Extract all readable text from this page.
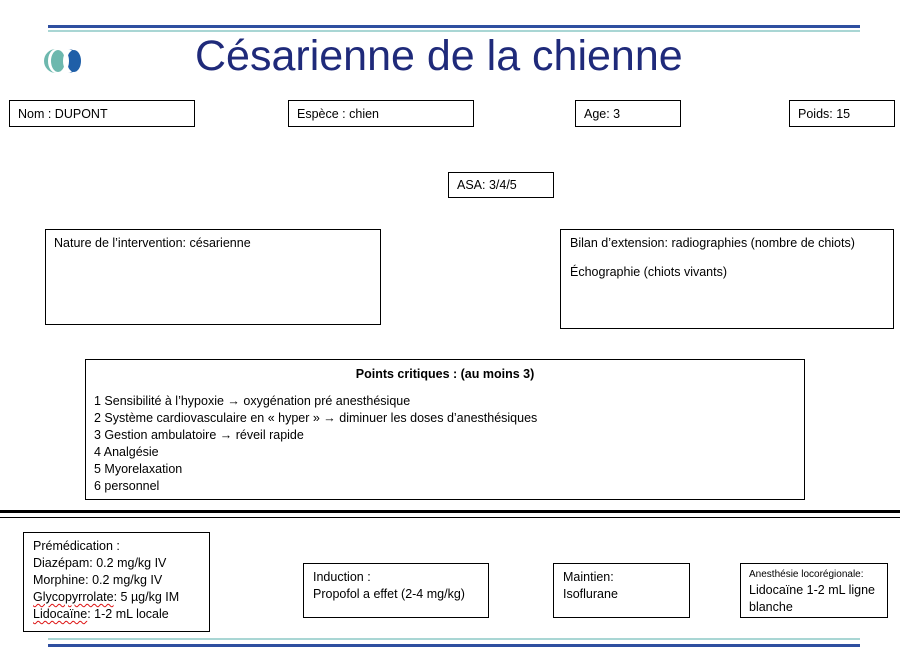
Césarienne de la chienne
Nom : DUPONT	Espèce : chien	Age: 3	Poids: 15
ASA: 3/4/5
Nature de l’intervention: césarienne	Bilan d’extension: radiographies (nombre de chiots)
Échographie (chiots vivants)
Points critiques : (au moins 3)
1 Sensibilité à l’hypoxie → oxygénation pré anesthésique
2 Système cardiovasculaire en « hyper » → diminuer les doses d’anesthésiques
3 Gestion ambulatoire → réveil rapide
4 Analgésie
5 Myorelaxation
6 personnel
Prémédication :
Diazépam: 0.2 mg/kg IV
Morphine: 0.2 mg/kg IV
Glycopyrrolate: 5 µg/kg IM
Lidocaïne: 1-2 mL locale
Induction :
Propofol a effet (2-4 mg/kg)
Maintien:
Isoflurane
Anesthésie locorégionale:
Lidocaïne 1-2 mL ligne blanche
